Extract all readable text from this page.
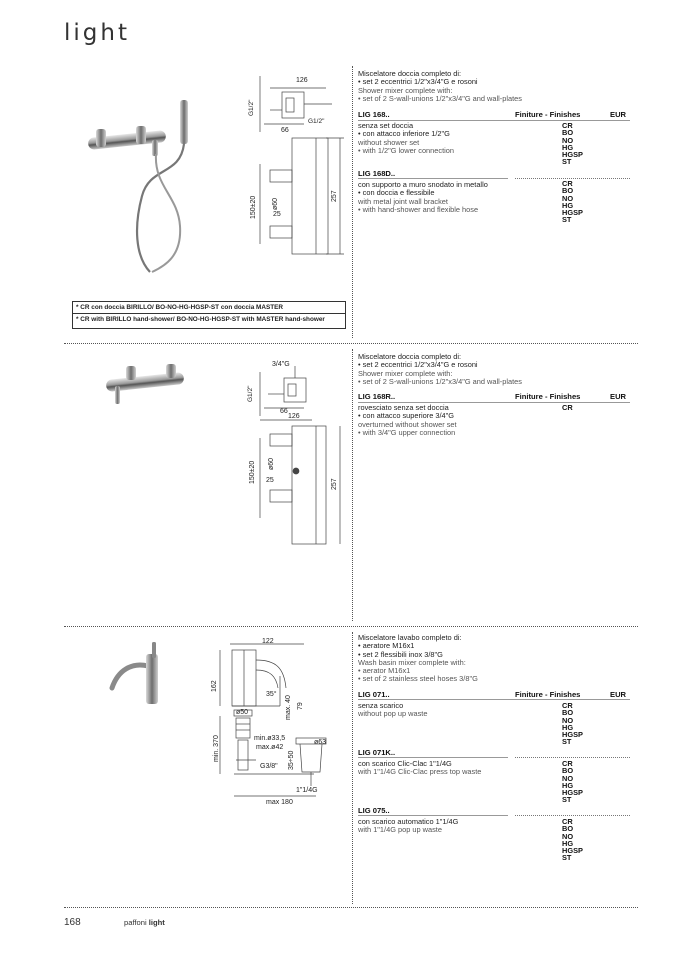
light
126
G1/2"
G1/2"
66
ø60
150±20 25
257

* CR con doccia BIRILLO/ BO-NO-HG-HGSP-ST con doccia MASTER

* CR with BIRILLO hand-shower/ BO-NO-HG-HGSP-ST with MASTER hand-shower

Miscelatore doccia completo di:

• set 2 eccentrici 1/2"x3/4"G e rosoni

Shower mixer complete with:

• set of 2 S-wall-unions 1/2"x3/4"G and wall-plates

LIG 168..	Finiture - Finishes	EUR

senza set doccia

• con attacco inferiore 1/2"G

without shower set

• with 1/2"G lower connection

CR
BO
NO
HG
HGSP
ST
LIG 168D..

con supporto a muro snodato in metallo

• con doccia e flessibile

with metal joint wall bracket

• with hand-shower and flexible hose

CR
BO
NO
HG
HGSP
ST
3/4"G
G1/2"
66
126
ø60
150±20 25	257

Miscelatore doccia completo di:

• set 2 eccentrici 1/2"x3/4"G e rosoni

Shower mixer complete with:

• set of 2 S-wall-unions 1/2"x3/4"G and wall-plates

LIG 168R..	Finiture - Finishes	EUR

rovesciato senza set doccia

• con attacco superiore 3/4"G

overturned without shower set

• with 3/4"G upper connection

CR
122
162
35°
max. 40 79
ø50
min. 370	min.ø33,5
max.ø42
ø63
G3/8" 35÷50
1"1/4G
max 180

Miscelatore lavabo completo di:

• aeratore M16x1

• set 2 flessibili inox 3/8"G

Wash basin mixer complete with:

• aerator M16x1

• set of 2 stainless steel hoses 3/8"G

LIG 071..	Finiture - Finishes	EUR

senza scarico

without pop up waste

CR
BO
NO
HG
HGSP
ST
LIG 071K..

con scarico Clic-Clac 1"1/4G

with 1"1/4G Clic-Clac press top waste

CR
BO
NO
HG
HGSP
ST
LIG 075..

con scarico automatico 1"1/4G

with 1"1/4G pop up waste

CR
BO
NO
HG
HGSP
ST
168	paffoni light
